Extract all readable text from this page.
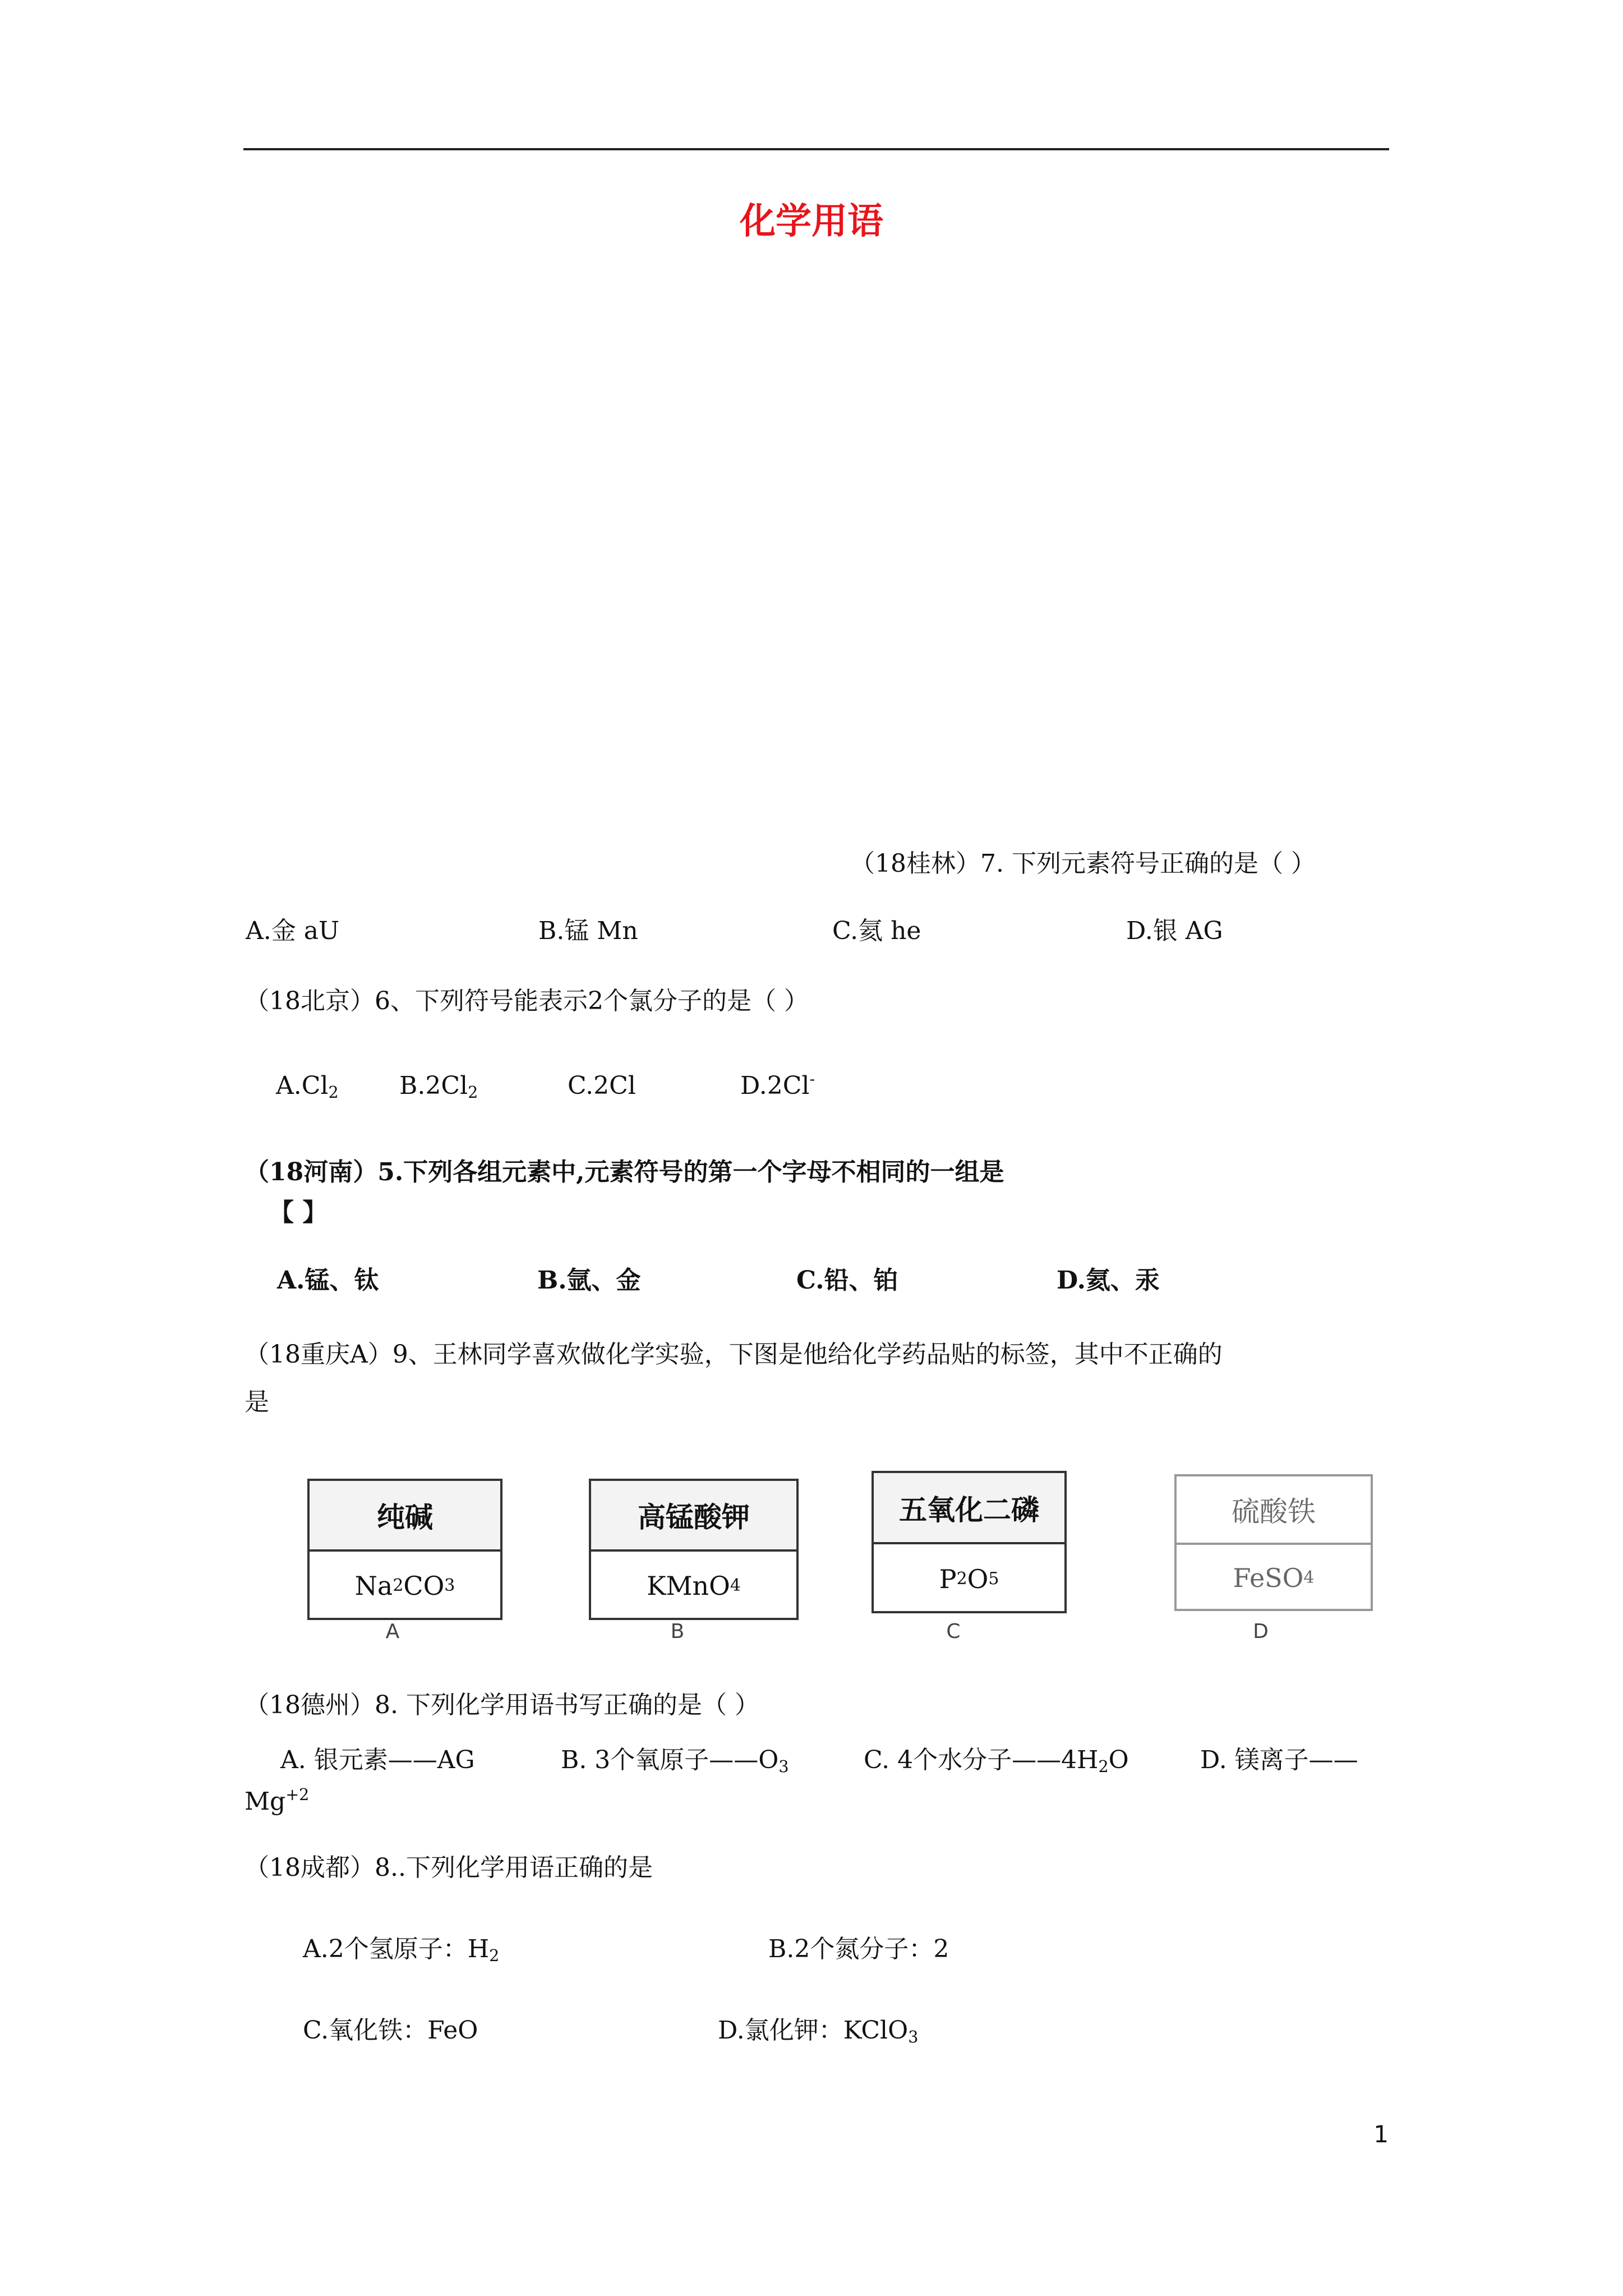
化学用语
（18桂林）7. 下列元素符号正确的是（ ）
A.金 aU	B.锰 Mn	C.氦 he	D.银 AG
（18北京）6、下列符号能表示2个氯分子的是（ ）
$A.Cl_2$ $B.2Cl_2$	C.2Cl	D.2Cl-
（18河南）5.下列各组元素中,元素符号的第一个字母不相同的一组是
【 】
A.锰、钛	B.氩、金	C.铅、铂	D.氦、汞
（18重庆A）9、王林同学喜欢做化学实验，下图是他给化学药品贴的标签，其中不正确的
是
纯碱
Na 2 CO 3
A
高锰酸钾
KMnO 4
B
五氧化二磷
P 2 O 5
C
硫酸铁
FeSO 4
D
（18德州）8. 下列化学用语书写正确的是（ ）
A. 银元素——AG	B. 3个氧原子$——O_3$	C. 4个水分子$——4H_2O$	D. 镁离子——
$Mg^{+2}$
（18成都）8..下列化学用语正确的是
A.2个氢原子：$H_2$	B.2个氮分子：2
C.氧化铁：FeO	D.氯化钾：KClO$_3$
1
